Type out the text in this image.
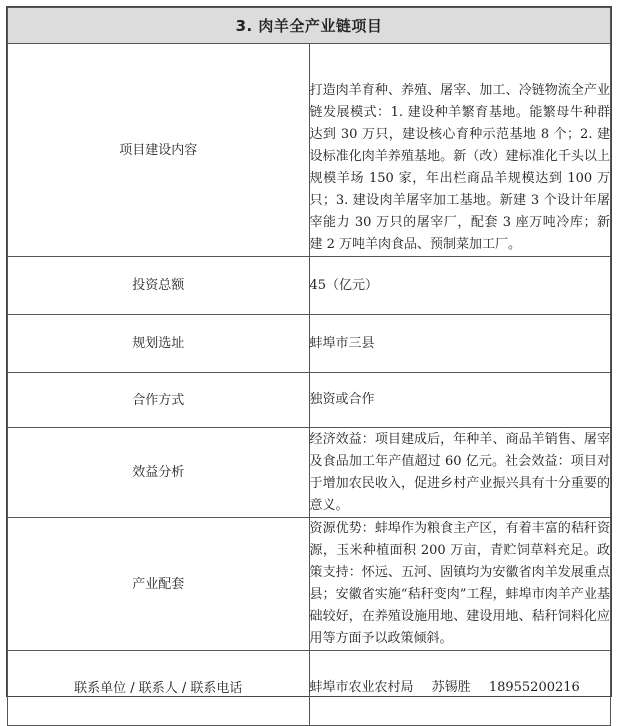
3. 肉羊全产业链项目	
项目建设内容	打造肉羊育种、养殖、屠宰、加工、冷链物流全产业链发展模式：1. 建设种羊繁育基地。能繁母牛种群达到 30 万只，建设核心育种示范基地 8 个；2. 建设标准化肉羊养殖基地。新（改）建标准化千头以上规模羊场 150 家，年出栏商品羊规模达到 100 万只；3. 建设肉羊屠宰加工基地。新建 3 个设计年屠宰能力 30 万只的屠宰厂，配套 3 座万吨冷库；新建 2 万吨羊肉食品、预制菜加工厂。
投资总额	45（亿元）
规划选址	蚌埠市三县
合作方式	独资或合作
效益分析	经济效益：项目建成后，年种羊、商品羊销售、屠宰及食品加工年产值超过 60 亿元。社会效益：项目对于增加农民收入，促进乡村产业振兴具有十分重要的意义。
产业配套	资源优势：蚌埠作为粮食主产区，有着丰富的秸秆资源，玉米种植面积 200 万亩，青贮饲草料充足。政策支持：怀远、五河、固镇均为安徽省肉羊发展重点县；安徽省实施“秸秆变肉”工程，蚌埠市肉羊产业基础较好，在养殖设施用地、建设用地、秸秆饲料化应用等方面予以政策倾斜。
联系单位 / 联系人 / 联系电话	蚌埠市农业农村局 苏锡胜 18955200216
